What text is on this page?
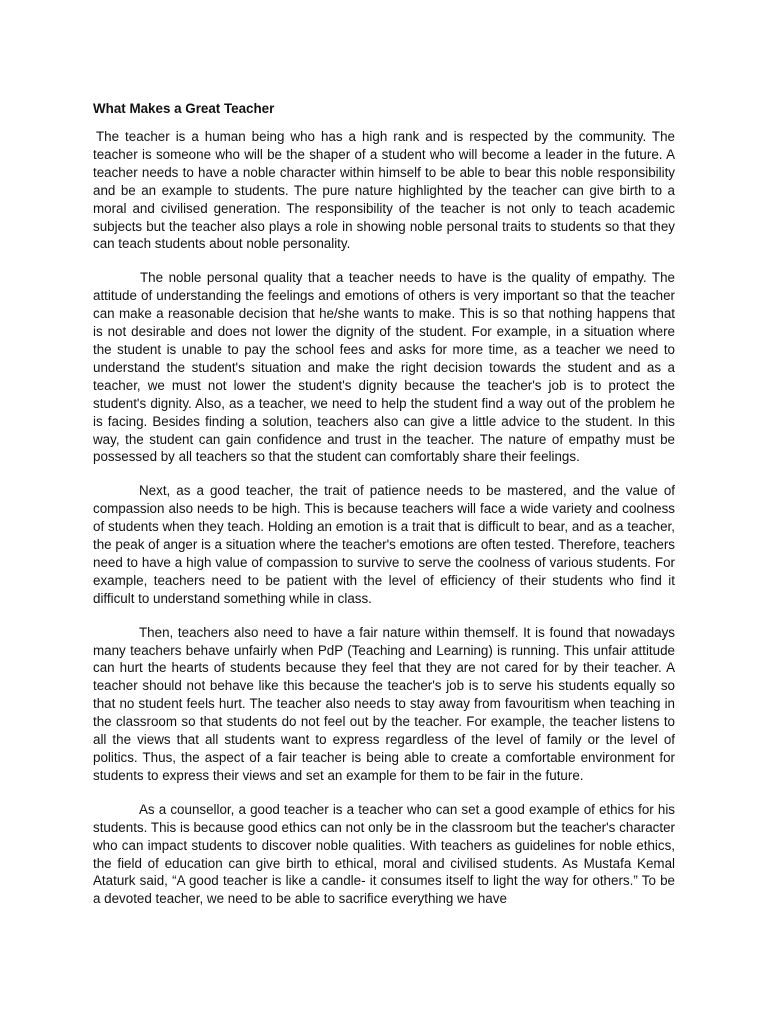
What Makes a Great Teacher

The teacher is a human being who has a high rank and is respected by the community. The teacher is someone who will be the shaper of a student who will become a leader in the future. A teacher needs to have a noble character within himself to be able to bear this noble responsibility and be an example to students. The pure nature highlighted by the teacher can give birth to a moral and civilised generation. The responsibility of the teacher is not only to teach academic subjects but the teacher also plays a role in showing noble personal traits to students so that they can teach students about noble personality.

The noble personal quality that a teacher needs to have is the quality of empathy. The attitude of understanding the feelings and emotions of others is very important so that the teacher can make a reasonable decision that he/she wants to make. This is so that nothing happens that is not desirable and does not lower the dignity of the student. For example, in a situation where the student is unable to pay the school fees and asks for more time, as a teacher we need to understand the student's situation and make the right decision towards the student and as a teacher, we must not lower the student's dignity because the teacher's job is to protect the student's dignity. Also, as a teacher, we need to help the student find a way out of the problem he is facing. Besides finding a solution, teachers also can give a little advice to the student. In this way, the student can gain confidence and trust in the teacher. The nature of empathy must be possessed by all teachers so that the student can comfortably share their feelings.

Next, as a good teacher, the trait of patience needs to be mastered, and the value of compassion also needs to be high. This is because teachers will face a wide variety and coolness of students when they teach. Holding an emotion is a trait that is difficult to bear, and as a teacher, the peak of anger is a situation where the teacher's emotions are often tested. Therefore, teachers need to have a high value of compassion to survive to serve the coolness of various students. For example, teachers need to be patient with the level of efficiency of their students who find it difficult to understand something while in class.

Then, teachers also need to have a fair nature within themself. It is found that nowadays many teachers behave unfairly when PdP (Teaching and Learning) is running. This unfair attitude can hurt the hearts of students because they feel that they are not cared for by their teacher. A teacher should not behave like this because the teacher's job is to serve his students equally so that no student feels hurt. The teacher also needs to stay away from favouritism when teaching in the classroom so that students do not feel out by the teacher. For example, the teacher listens to all the views that all students want to express regardless of the level of family or the level of politics. Thus, the aspect of a fair teacher is being able to create a comfortable environment for students to express their views and set an example for them to be fair in the future.

As a counsellor, a good teacher is a teacher who can set a good example of ethics for his students. This is because good ethics can not only be in the classroom but the teacher's character who can impact students to discover noble qualities. With teachers as guidelines for noble ethics, the field of education can give birth to ethical, moral and civilised students. As Mustafa Kemal Ataturk said, “A good teacher is like a candle- it consumes itself to light the way for others.” To be a devoted teacher, we need to be able to sacrifice everything we have
